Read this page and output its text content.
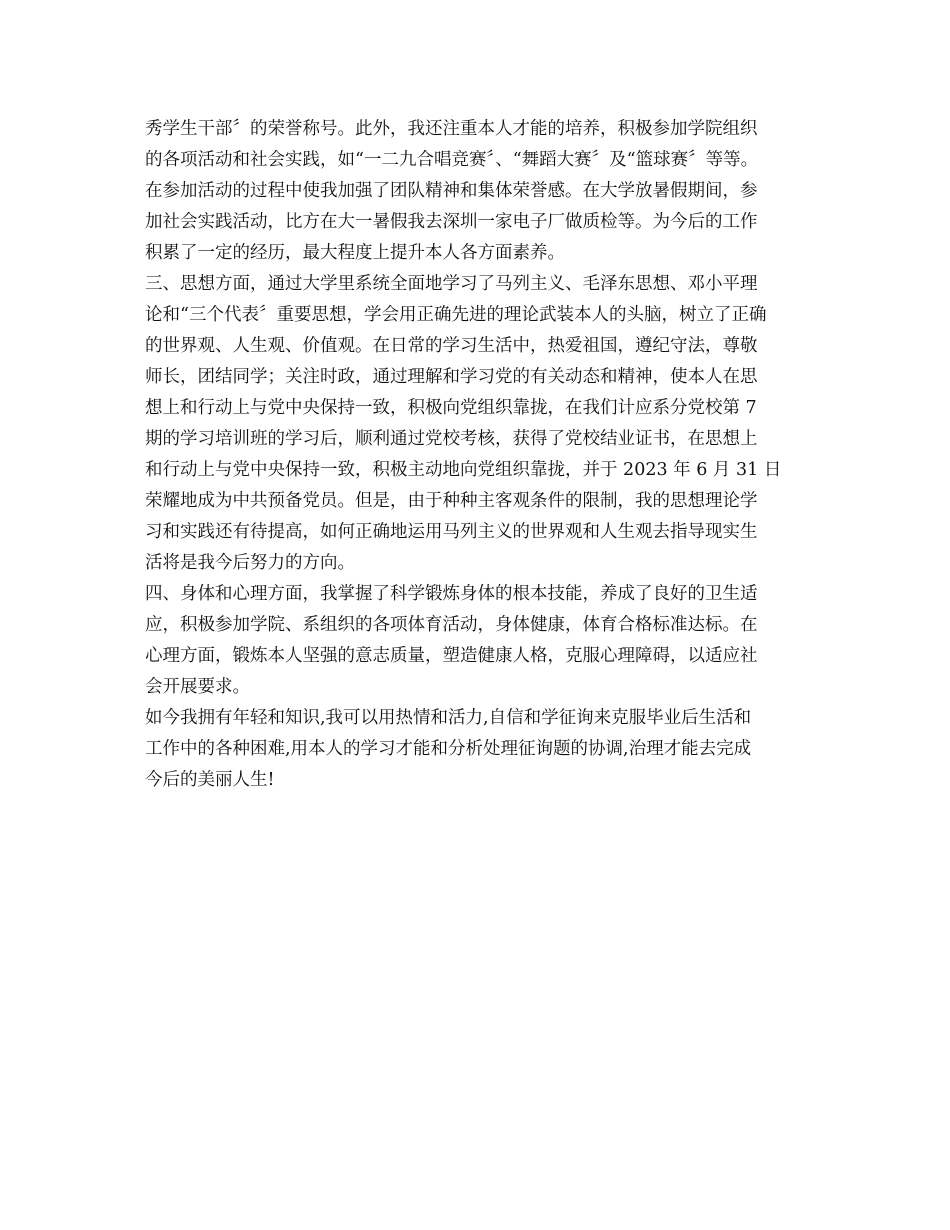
秀学生干部〞的荣誉称号。此外，我还注重本人才能的培养，积极参加学院组织
的各项活动和社会实践，如“一二九合唱竞赛〞、“舞蹈大赛〞及“篮球赛〞等等。
在参加活动的过程中使我加强了团队精神和集体荣誉感。在大学放暑假期间，参
加社会实践活动，比方在大一暑假我去深圳一家电子厂做质检等。为今后的工作
积累了一定的经历，最大程度上提升本人各方面素养。
三、思想方面，通过大学里系统全面地学习了马列主义、毛泽东思想、邓小平理
论和“三个代表〞重要思想，学会用正确先进的理论武装本人的头脑，树立了正确
的世界观、人生观、价值观。在日常的学习生活中，热爱祖国，遵纪守法，尊敬
师长，团结同学；关注时政，通过理解和学习党的有关动态和精神，使本人在思
想上和行动上与党中央保持一致，积极向党组织靠拢，在我们计应系分党校第 7
期的学习培训班的学习后，顺利通过党校考核，获得了党校结业证书，在思想上
和行动上与党中央保持一致，积极主动地向党组织靠拢，并于 2023 年 6 月 31 日
荣耀地成为中共预备党员。但是，由于种种主客观条件的限制，我的思想理论学
习和实践还有待提高，如何正确地运用马列主义的世界观和人生观去指导现实生
活将是我今后努力的方向。
四、身体和心理方面，我掌握了科学锻炼身体的根本技能，养成了良好的卫生适
应，积极参加学院、系组织的各项体育活动，身体健康，体育合格标准达标。在
心理方面，锻炼本人坚强的意志质量，塑造健康人格，克服心理障碍，以适应社
会开展要求。
如今我拥有年轻和知识,我可以用热情和活力,自信和学征询来克服毕业后生活和
工作中的各种困难,用本人的学习才能和分析处理征询题的协调,治理才能去完成
今后的美丽人生!
